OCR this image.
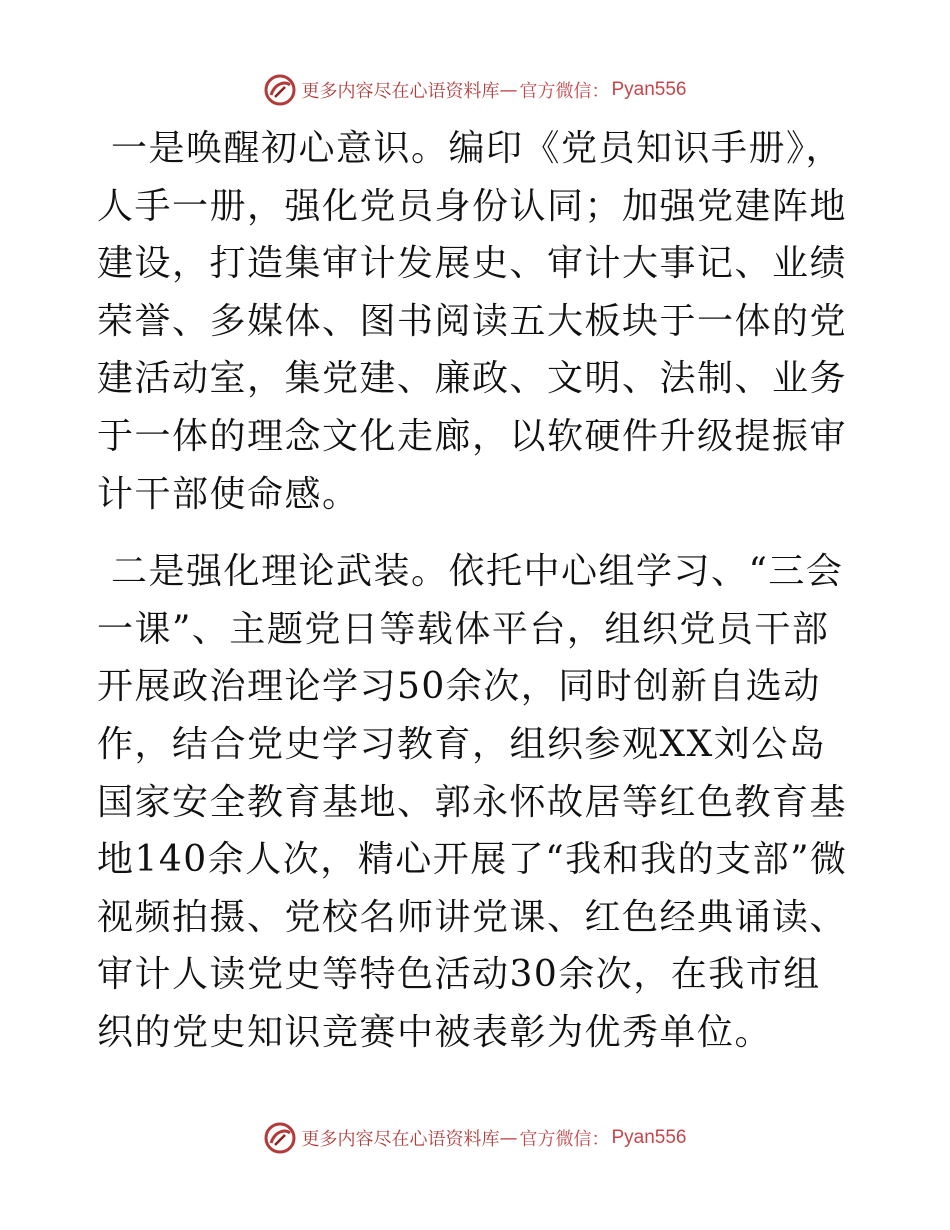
更多内容尽在心语资料库 — 官方微信： Pyan556

一是唤醒初心意识。编印《党员知识手册》，人手一册，强化党员身份认同；加强党建阵地建设，打造集审计发展史、审计大事记、业绩荣誉、多媒体、图书阅读五大板块于一体的党建活动室，集党建、廉政、文明、法制、业务于一体的理念文化走廊，以软硬件升级提振审计干部使命感。

二是强化理论武装。依托中心组学习、“三会一课”、主题党日等载体平台，组织党员干部开展政治理论学习50余次，同时创新自选动作，结合党史学习教育，组织参观XX刘公岛国家安全教育基地、郭永怀故居等红色教育基地140余人次，精心开展了“我和我的支部”微视频拍摄、党校名师讲党课、红色经典诵读、审计人读党史等特色活动30余次，在我市组织的党史知识竞赛中被表彰为优秀单位。

更多内容尽在心语资料库 — 官方微信： Pyan556
